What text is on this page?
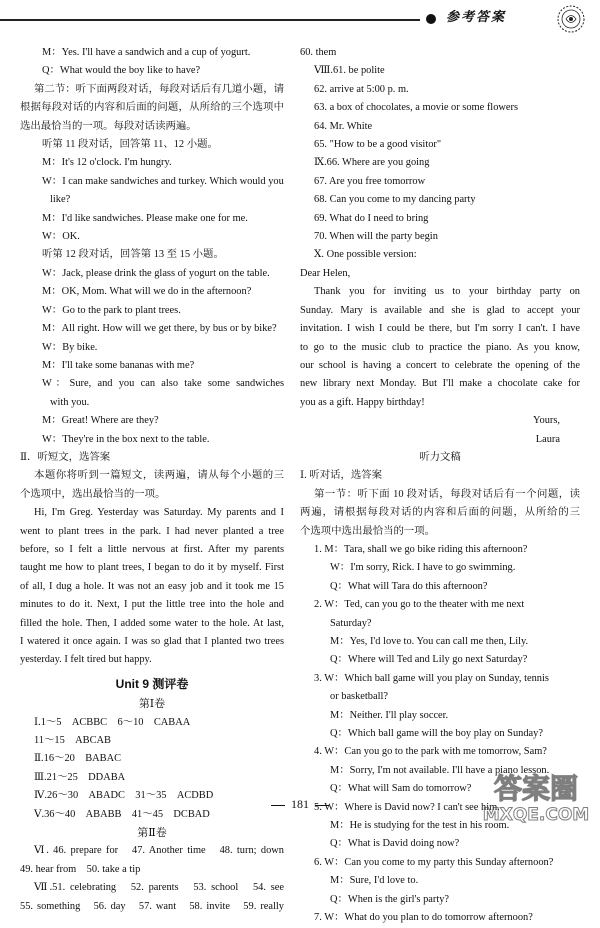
参考答案
M：Yes. I'll have a sandwich and a cup of yogurt.
Q：What would the boy like to have?
第二节：听下面两段对话，每段对话后有几道小题，请
根据每段对话的内容和后面的问题，从所给的三个选项中
选出最恰当的一项。每段对话读两遍。
听第 11 段对话，回答第 11、12 小题。
M：It's 12 o'clock. I'm hungry.
W：I can make sandwiches and turkey. Which would you
like?
M：I'd like sandwiches. Please make one for me.
W：OK.
听第 12 段对话，回答第 13 至 15 小题。
W：Jack, please drink the glass of yogurt on the table.
M：OK, Mom. What will we do in the afternoon?
W：Go to the park to plant trees.
M：All right. How will we get there, by bus or by bike?
W：By bike.
M：I'll take some bananas with me?
W：Sure, and you can also take some sandwiches
with you.
M：Great! Where are they?
W：They're in the box next to the table.
Ⅱ．听短文，选答案
本题你将听到一篇短文，读两遍，请从每个小题的三
个选项中，选出最恰当的一项。
Hi, I'm Greg. Yesterday was Saturday. My parents and I
went to plant trees in the park. I had never planted a tree
before, so I felt a little nervous at first. After my parents
taught me how to plant trees, I began to do it by myself. First
of all, I dug a hole. It was not an easy job and it took me 15
minutes to do it. Next, I put the little tree into the hole and
filled the hole. Then, I added some water to the hole. At last,
I watered it once again. I was so glad that I planted two trees
yesterday. I felt tired but happy.
Unit 9 测评卷
第Ⅰ卷
Ⅰ.1～5　ACBBC　6～10　CABAA
11～15　ABCAB
Ⅱ.16～20　BABAC
Ⅲ.21～25　DDABA
Ⅳ.26～30　ABADC　31～35　ACDBD
Ⅴ.36～40　ABABB　41～45　DCBAD
第Ⅱ卷
Ⅵ. 46. prepare for　47. Another time　48. turn; down
49. hear from　50. take a tip
Ⅶ.51. celebrating　52. parents　53. school　54. see
55. something　56. day　57. want　58. invite　59. really
60. them
Ⅷ.61. be polite
62. arrive at 5:00 p. m.
63. a box of chocolates, a movie or some flowers
64. Mr. White
65. "How to be a good visitor"
Ⅸ.66. Where are you going
67. Are you free tomorrow
68. Can you come to my dancing party
69. What do I need to bring
70. When will the party begin
Ⅹ. One possible version:
Dear Helen,
Thank you for inviting us to your birthday party on
Sunday. Mary is available and she is glad to accept your
invitation. I wish I could be there, but I'm sorry I can't. I have
to go to the music club to practice the piano. As you know,
our school is having a concert to celebrate the opening of the
new library next Monday. But I'll make a chocolate cake for
you as a gift. Happy birthday!
Yours,
Laura
听力文稿
Ⅰ. 听对话，选答案
第一节：听下面 10 段对话，每段对话后有一个问题，读
两遍，请根据每段对话的内容和后面的问题，从所给的三
个选项中选出最恰当的一项。
1. M：Tara, shall we go bike riding this afternoon?
W：I'm sorry, Rick. I have to go swimming.
Q：What will Tara do this afternoon?
2. W：Ted, can you go to the theater with me next
Saturday?
M：Yes, I'd love to. You can call me then, Lily.
Q：Where will Ted and Lily go next Saturday?
3. W：Which ball game will you play on Sunday, tennis
or basketball?
M：Neither. I'll play soccer.
Q：Which ball game will the boy play on Sunday?
4. W：Can you go to the park with me tomorrow, Sam?
M：Sorry, I'm not available. I'll have a piano lesson.
Q：What will Sam do tomorrow?
5. W：Where is David now? I can't see him.
M：He is studying for the test in his room.
Q：What is David doing now?
6. W：Can you come to my party this Sunday afternoon?
M：Sure, I'd love to.
Q：When is the girl's party?
7. W：What do you plan to do tomorrow afternoon?
181	答案圈
MXQE.COM
